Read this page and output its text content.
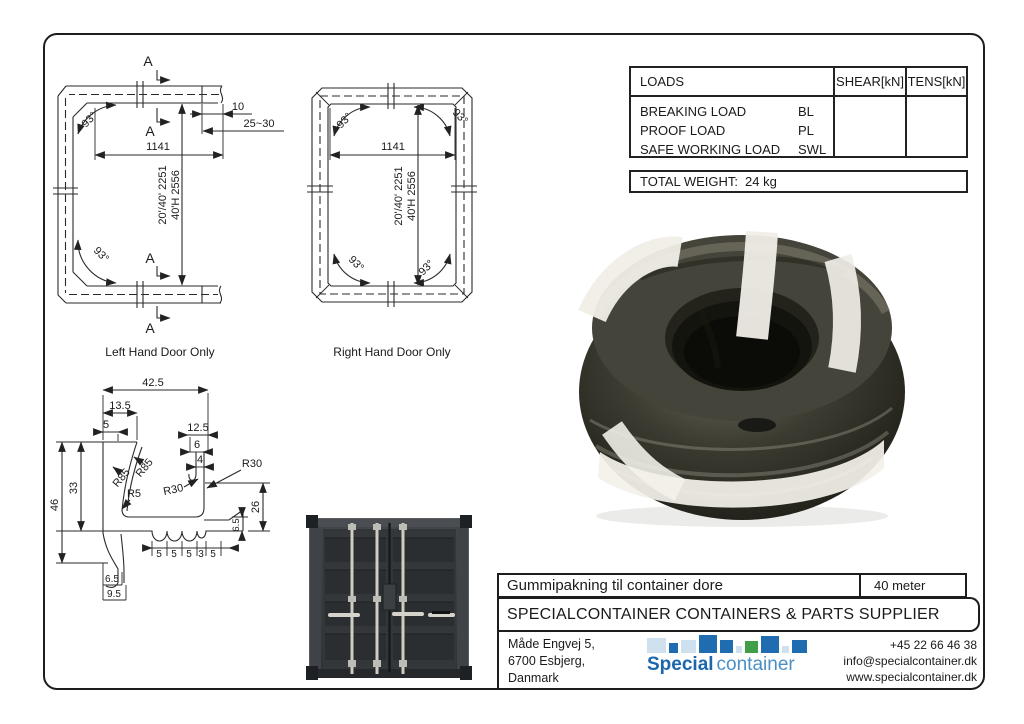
A
A
A
A
93°
93°
10
25~30
1141
20'/40' 2251 40'H 2556
Left Hand Door Only
93°	93°
93°	93°
1141
20'/40' 2251 40'H 2556
Right Hand Door Only
42.5
13.5
5	12.5
6
4	R30
R30
R5
R85
R85
46
33
26
6.5
5 5 5 3 5
6.5
9.5
LOADS	SHEAR[kN] TENS[kN]
BREAKING LOAD	BL
PROOF LOAD	PL
SAFE WORKING LOAD SWL
TOTAL WEIGHT: 24 kg
Gummipakning til container dore	40 meter
SPECIALCONTAINER CONTAINERS & PARTS SUPPLIER
Måde Engvej 5,
6700 Esbjerg,
Danmark
Special container
+45 22 66 46 38
info@specialcontainer.dk
www.specialcontainer.dk
